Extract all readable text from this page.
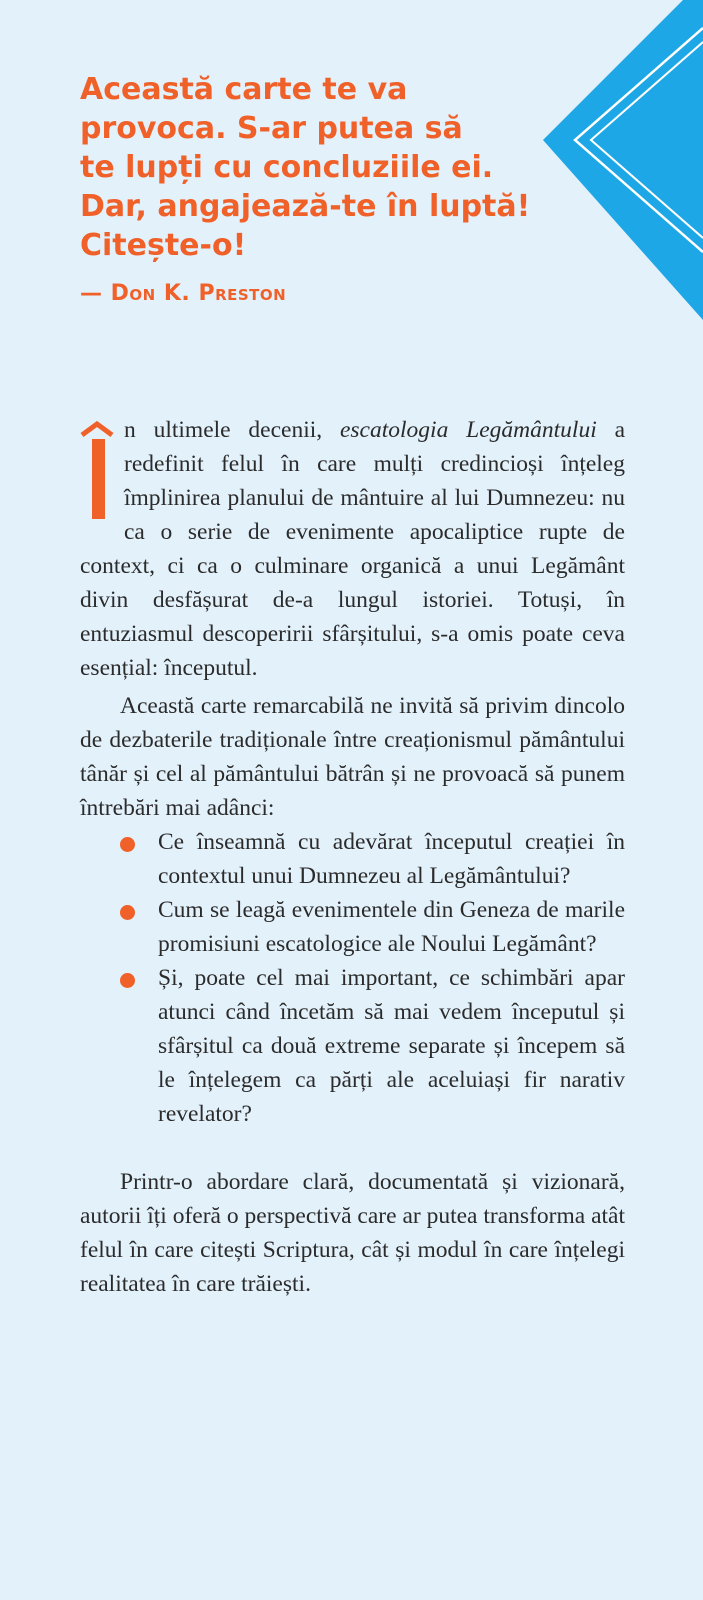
Această carte te va
provoca. S-ar putea să
te lupți cu concluziile ei.
Dar, angajează-te în luptă!
Citește-o!

— Don K. Preston

n ultimele decenii, escatologia Legământului a redefinit felul în care mulți credincioși înțeleg împlinirea planului de mântuire al lui Dumnezeu: nu ca o serie de evenimente apocaliptice rupte de context, ci ca o culminare organică a unui Legământ divin desfășurat de-a lungul istoriei. Totuși, în entuziasmul descoperirii sfârșitului, s-a omis poate ceva esențial: începutul.

Această carte remarcabilă ne invită să privim dincolo de dezbaterile tradiționale între creaționismul pământului tânăr și cel al pământului bătrân și ne provoacă să punem întrebări mai adânci:

Ce înseamnă cu adevărat începutul creației în contextul unui Dumnezeu al Legământului?
Cum se leagă evenimentele din Geneza de marile promisiuni escatologice ale Noului Legământ?
Și, poate cel mai important, ce schimbări apar atunci când încetăm să mai vedem începutul și sfârșitul ca două extreme separate și începem să le înțelegem ca părți ale aceluiași fir narativ revelator?

Printr-o abordare clară, documentată și vizionară, autorii îți oferă o perspectivă care ar putea transforma atât felul în care citești Scriptura, cât și modul în care înțelegi realitatea în care trăiești.
